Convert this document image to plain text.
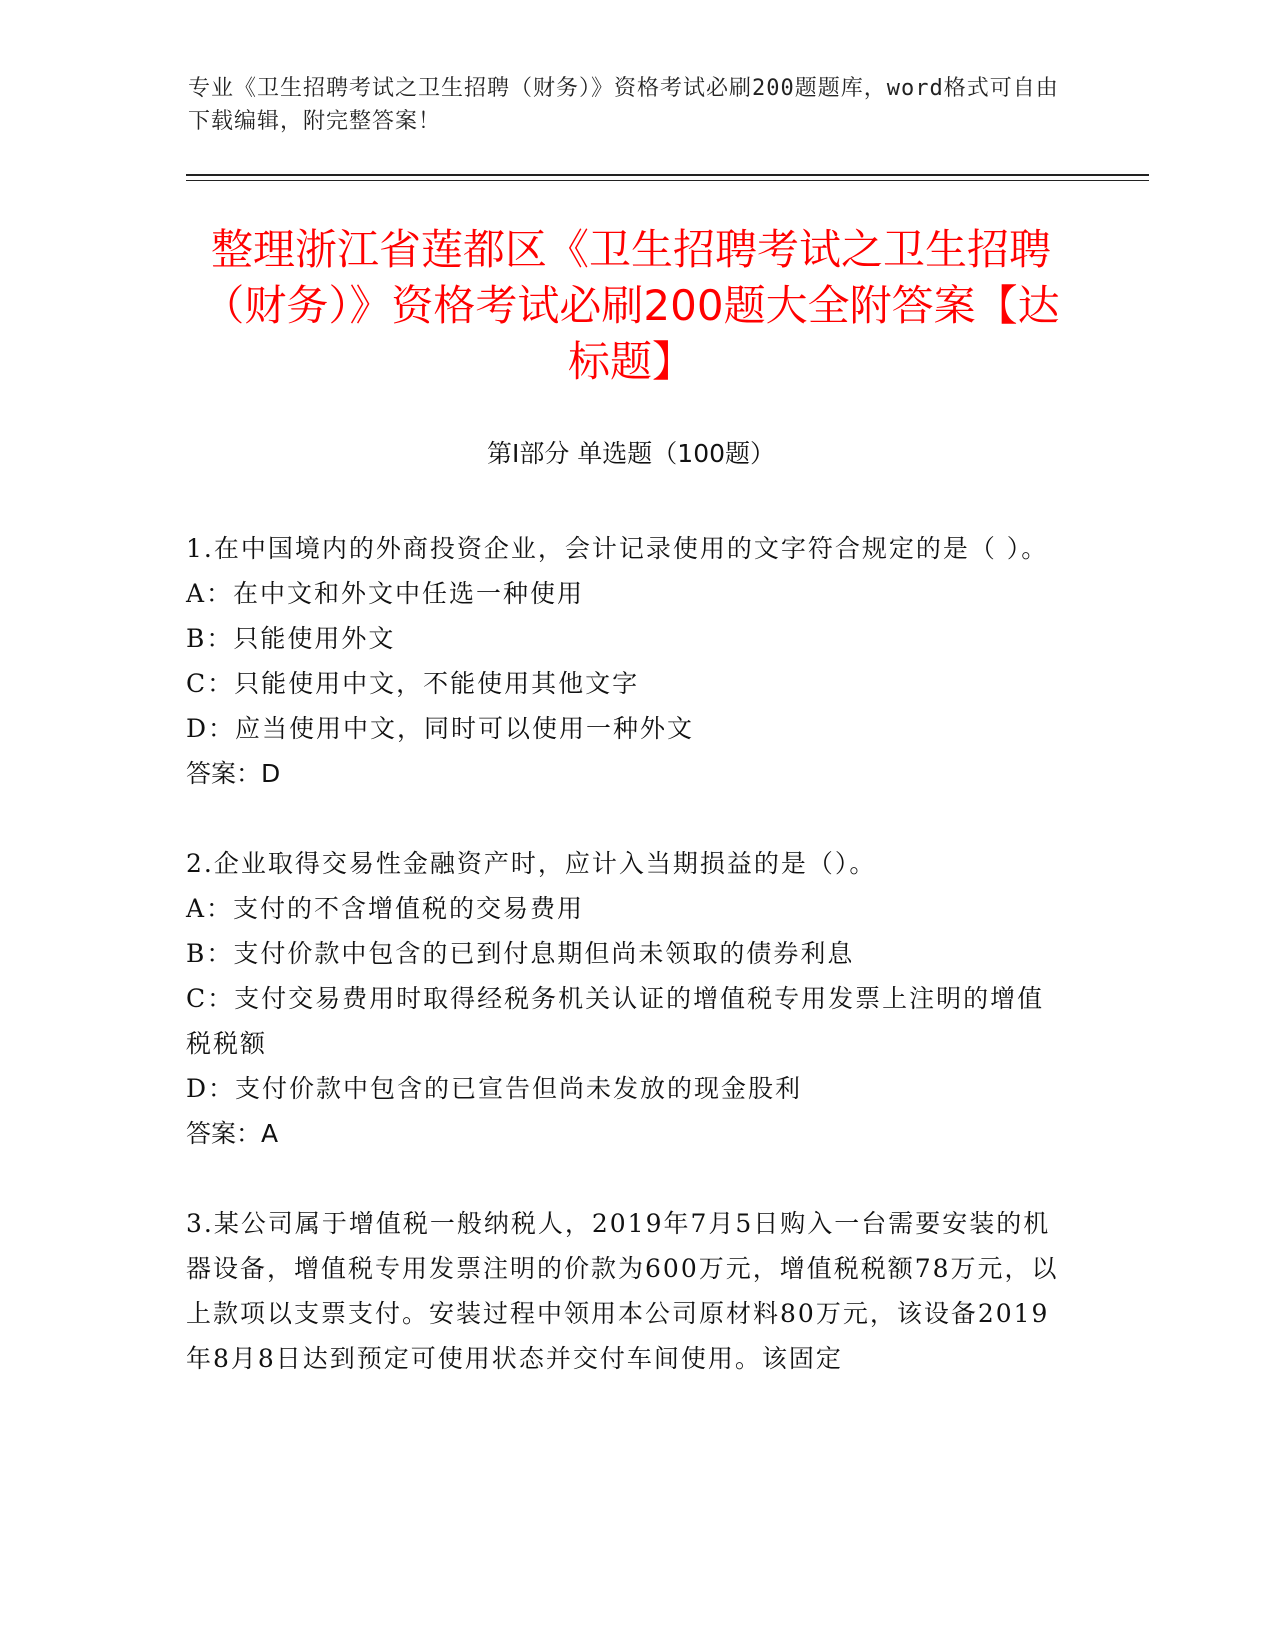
专业《卫生招聘考试之卫生招聘（财务）》资格考试必刷200题题库，word格式可自由下载编辑，附完整答案！
整理浙江省莲都区《卫生招聘考试之卫生招聘（财务）》资格考试必刷200题大全附答案【达标题】
第I部分 单选题（100题）

1.在中国境内的外商投资企业，会计记录使用的文字符合规定的是（ ）。

A：在中文和外文中任选一种使用

B：只能使用外文

C：只能使用中文，不能使用其他文字

D：应当使用中文，同时可以使用一种外文

答案：D

2.企业取得交易性金融资产时，应计入当期损益的是（）。

A：支付的不含增值税的交易费用

B：支付价款中包含的已到付息期但尚未领取的债券利息

C：支付交易费用时取得经税务机关认证的增值税专用发票上注明的增值税税额

D：支付价款中包含的已宣告但尚未发放的现金股利

答案：A

3.某公司属于增值税一般纳税人，2019年7月5日购入一台需要安装的机器设备，增值税专用发票注明的价款为600万元，增值税税额78万元，以上款项以支票支付。安装过程中领用本公司原材料80万元，该设备2019年8月8日达到预定可使用状态并交付车间使用。该固定
